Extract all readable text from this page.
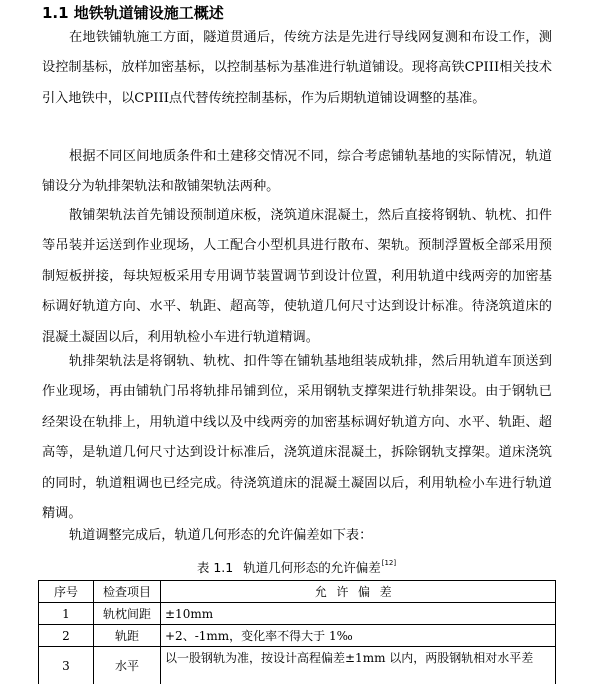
1.1 地铁轨道铺设施工概述

在地铁铺轨施工方面，隧道贯通后，传统方法是先进行导线网复测和布设工作，测设控制基标，放样加密基标，以控制基标为基准进行轨道铺设。现将高铁CPIII相关技术引入地铁中，以CPIII点代替传统控制基标，作为后期轨道铺设调整的基准。

根据不同区间地质条件和土建移交情况不同，综合考虑铺轨基地的实际情况，轨道铺设分为轨排架轨法和散铺架轨法两种。

散铺架轨法首先铺设预制道床板，浇筑道床混凝土，然后直接将钢轨、轨枕、扣件等吊装并运送到作业现场，人工配合小型机具进行散布、架轨。预制浮置板全部采用预制短板拼接，每块短板采用专用调节装置调节到设计位置，利用轨道中线两旁的加密基标调好轨道方向、水平、轨距、超高等，使轨道几何尺寸达到设计标准。待浇筑道床的混凝土凝固以后，利用轨检小车进行轨道精调。

轨排架轨法是将钢轨、轨枕、扣件等在铺轨基地组装成轨排，然后用轨道车顶送到作业现场，再由铺轨门吊将轨排吊铺到位，采用钢轨支撑架进行轨排架设。由于钢轨已经架设在轨排上，用轨道中线以及中线两旁的加密基标调好轨道方向、水平、轨距、超高等，是轨道几何尺寸达到设计标准后，浇筑道床混凝土，拆除钢轨支撑架。道床浇筑的同时，轨道粗调也已经完成。待浇筑道床的混凝土凝固以后，利用轨检小车进行轨道精调。

轨道调整完成后，轨道几何形态的允许偏差如下表：

表 1.1 轨道几何形态的允许偏差[12]
序号	检查项目	允许偏差
1	轨枕间距	±10mm
2	轨距	+2、-1mm，变化率不得大于 1‰
3	水平	以一股钢轨为准，按设计高程偏差±1mm 以内，两股钢轨相对水平差
